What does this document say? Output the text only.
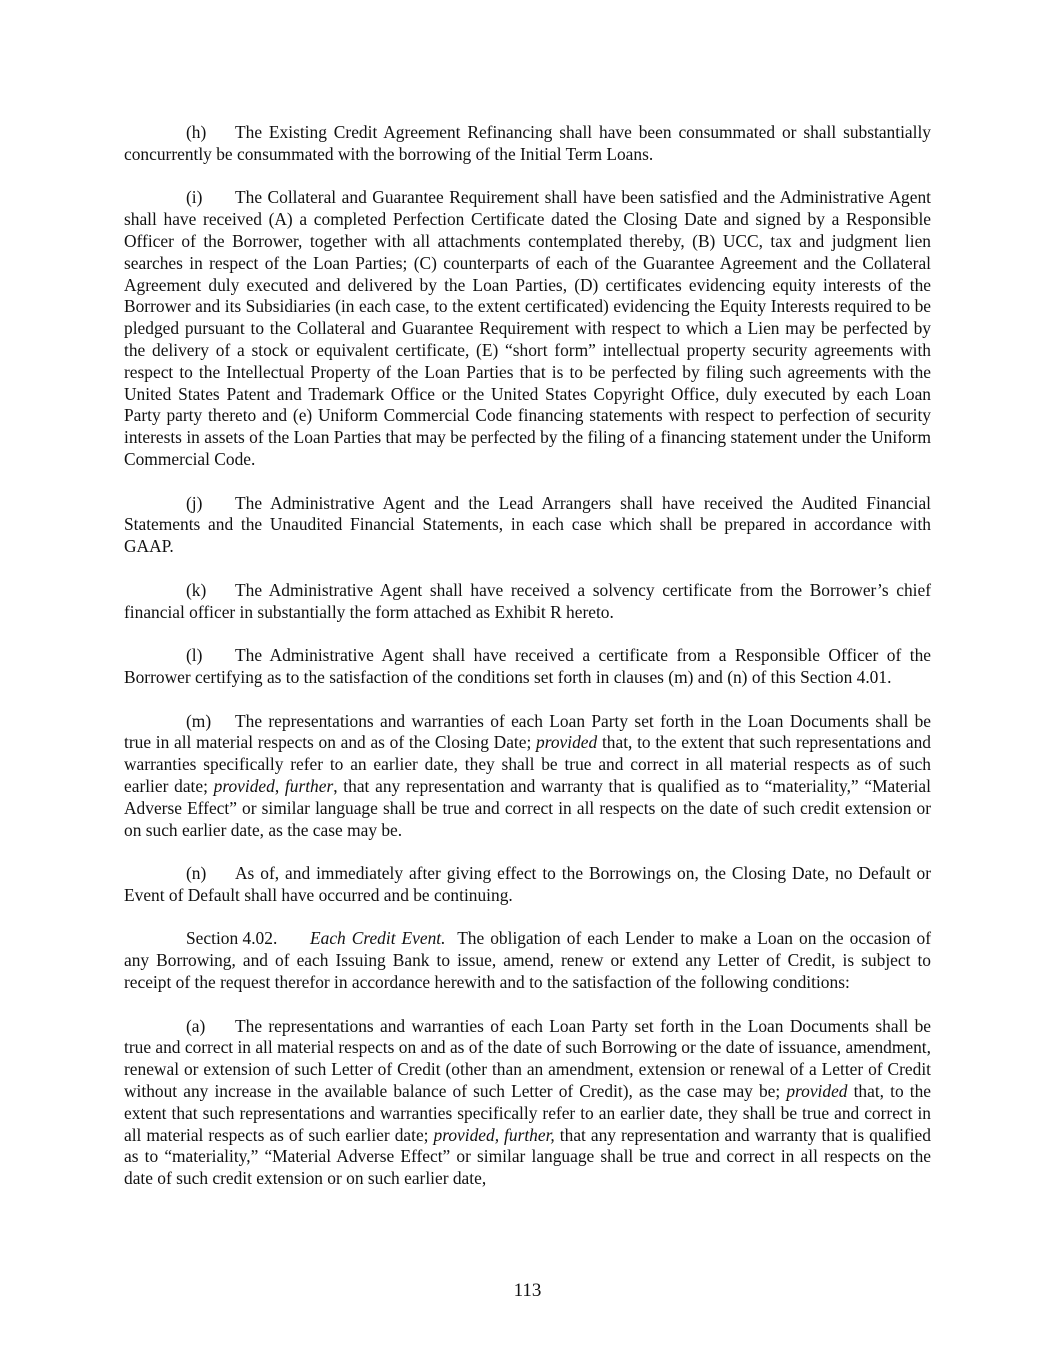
(h) The Existing Credit Agreement Refinancing shall have been consummated or shall substantially concurrently be consummated with the borrowing of the Initial Term Loans.

(i) The Collateral and Guarantee Requirement shall have been satisfied and the Administrative Agent shall have received (A) a completed Perfection Certificate dated the Closing Date and signed by a Responsible Officer of the Borrower, together with all attachments contemplated thereby, (B) UCC, tax and judgment lien searches in respect of the Loan Parties; (C) counterparts of each of the Guarantee Agreement and the Collateral Agreement duly executed and delivered by the Loan Parties, (D) certificates evidencing equity interests of the Borrower and its Subsidiaries (in each case, to the extent certificated) evidencing the Equity Interests required to be pledged pursuant to the Collateral and Guarantee Requirement with respect to which a Lien may be perfected by the delivery of a stock or equivalent certificate, (E) “short form” intellectual property security agreements with respect to the Intellectual Property of the Loan Parties that is to be perfected by filing such agreements with the United States Patent and Trademark Office or the United States Copyright Office, duly executed by each Loan Party party thereto and (e) Uniform Commercial Code financing statements with respect to perfection of security interests in assets of the Loan Parties that may be perfected by the filing of a financing statement under the Uniform Commercial Code.

(j) The Administrative Agent and the Lead Arrangers shall have received the Audited Financial Statements and the Unaudited Financial Statements, in each case which shall be prepared in accordance with GAAP.

(k) The Administrative Agent shall have received a solvency certificate from the Borrower’s chief financial officer in substantially the form attached as Exhibit R hereto.

(l) The Administrative Agent shall have received a certificate from a Responsible Officer of the Borrower certifying as to the satisfaction of the conditions set forth in clauses (m) and (n) of this Section 4.01.

(m) The representations and warranties of each Loan Party set forth in the Loan Documents shall be true in all material respects on and as of the Closing Date; provided that, to the extent that such representations and warranties specifically refer to an earlier date, they shall be true and correct in all material respects as of such earlier date; provided, further, that any representation and warranty that is qualified as to “materiality,” “Material Adverse Effect” or similar language shall be true and correct in all respects on the date of such credit extension or on such earlier date, as the case may be.

(n) As of, and immediately after giving effect to the Borrowings on, the Closing Date, no Default or Event of Default shall have occurred and be continuing.

Section 4.02. Each Credit Event. The obligation of each Lender to make a Loan on the occasion of any Borrowing, and of each Issuing Bank to issue, amend, renew or extend any Letter of Credit, is subject to receipt of the request therefor in accordance herewith and to the satisfaction of the following conditions:

(a) The representations and warranties of each Loan Party set forth in the Loan Documents shall be true and correct in all material respects on and as of the date of such Borrowing or the date of issuance, amendment, renewal or extension of such Letter of Credit (other than an amendment, extension or renewal of a Letter of Credit without any increase in the available balance of such Letter of Credit), as the case may be; provided that, to the extent that such representations and warranties specifically refer to an earlier date, they shall be true and correct in all material respects as of such earlier date; provided, further, that any representation and warranty that is qualified as to “materiality,” “Material Adverse Effect” or similar language shall be true and correct in all respects on the date of such credit extension or on such earlier date,

113
